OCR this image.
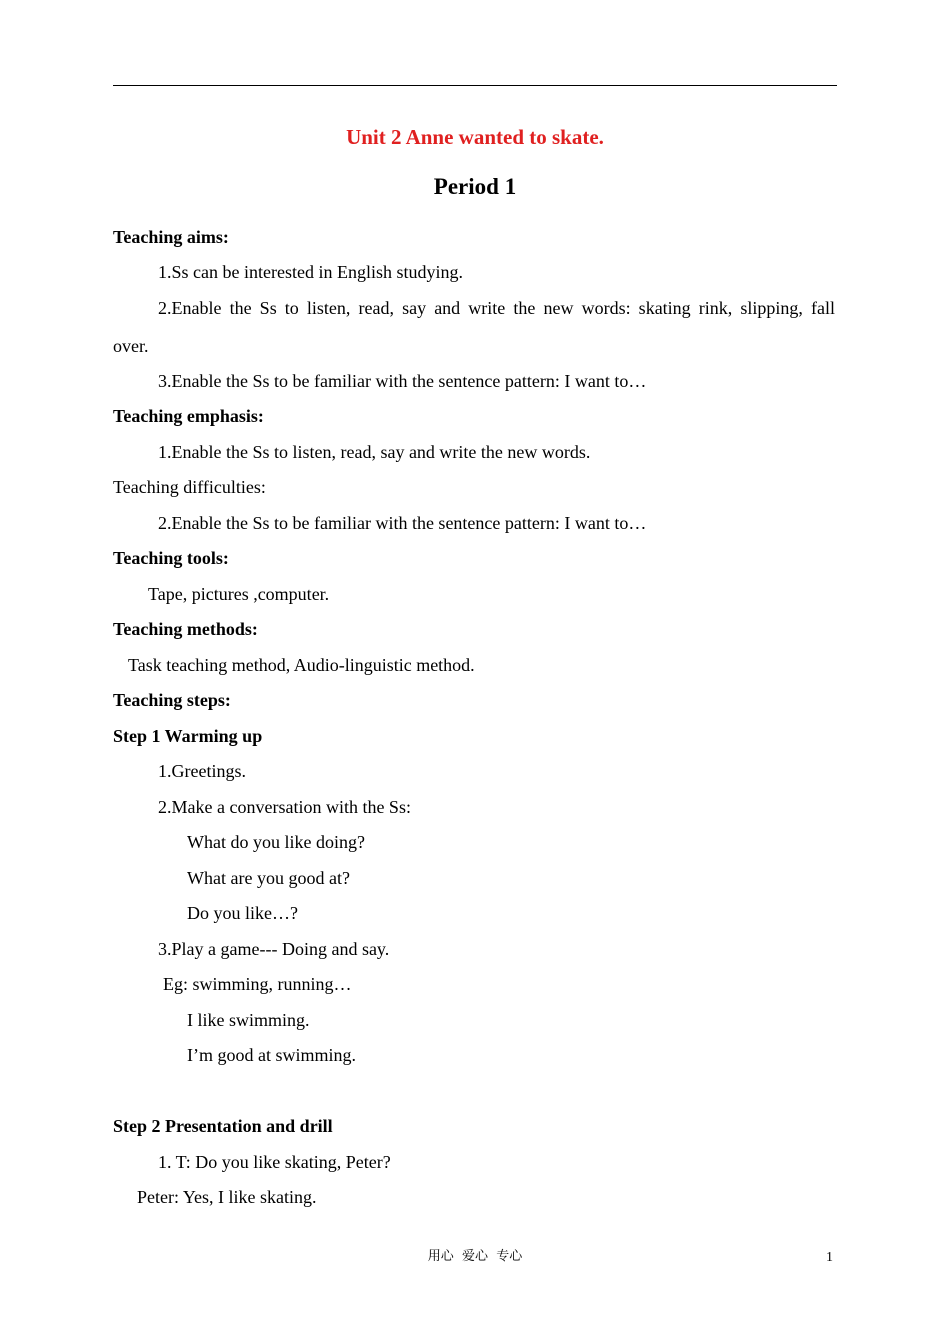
Unit 2 Anne wanted to skate.
Period 1
Teaching aims:
1.Ss can be interested in English studying.
2.Enable the Ss to listen, read, say and write the new words: skating rink, slipping, fall
over.
3.Enable the Ss to be familiar with the sentence pattern: I want to…
Teaching emphasis:
1.Enable the Ss to listen, read, say and write the new words.
Teaching difficulties:
2.Enable the Ss to be familiar with the sentence pattern: I want to…
Teaching tools:
Tape, pictures ,computer.
Teaching methods:
Task teaching method, Audio-linguistic method.
Teaching steps:
Step 1 Warming up
1.Greetings.
2.Make a conversation with the Ss:
What do you like doing?
What are you good at?
Do you like…?
3.Play a game--- Doing and say.
Eg: swimming, running…
I like swimming.
I’m good at swimming.
Step 2 Presentation and drill
1. T: Do you like skating, Peter?
Peter: Yes, I like skating.
用心  爱心  专心	1
